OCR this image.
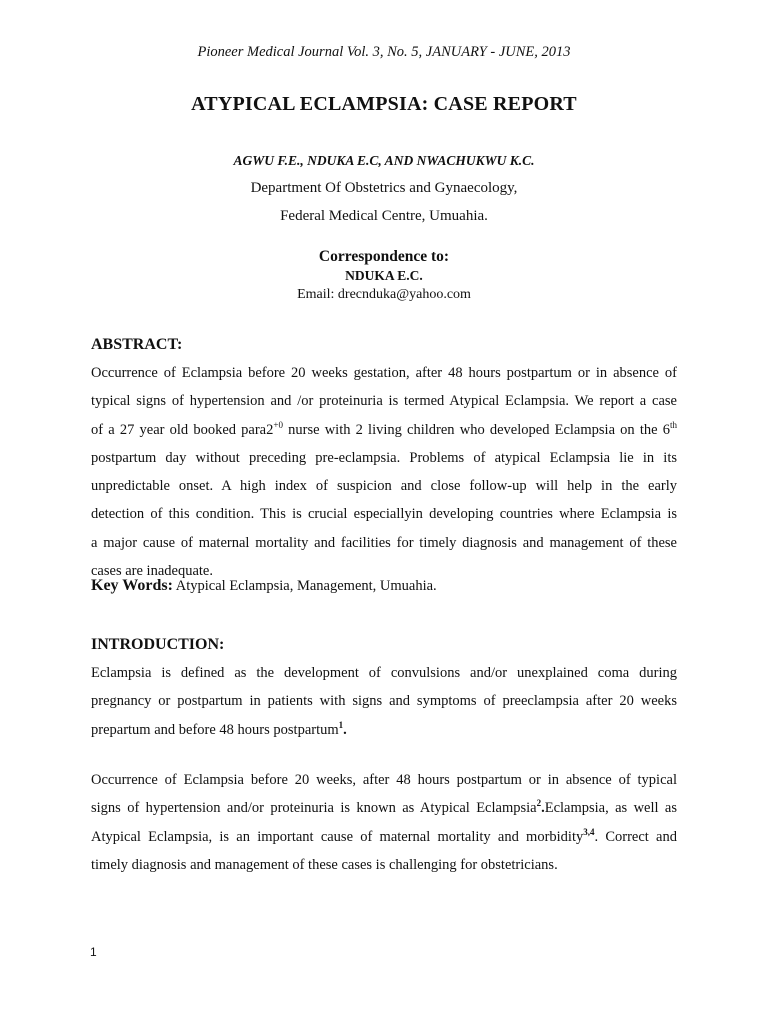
Pioneer Medical Journal Vol. 3, No. 5, JANUARY - JUNE, 2013
ATYPICAL ECLAMPSIA: CASE REPORT
AGWU F.E., NDUKA E.C, AND NWACHUKWU K.C.
Department Of Obstetrics and Gynaecology,
Federal Medical Centre, Umuahia.
Correspondence to:
NDUKA E.C.
Email: drecnduka@yahoo.com
ABSTRACT:
Occurrence of Eclampsia before 20 weeks gestation, after 48 hours postpartum or in absence of
typical signs of hypertension and /or proteinuria is termed Atypical Eclampsia. We report a case
of a 27 year old booked $para2^{+0}$ nurse with 2 living children who developed Eclampsia on the 6th
postpartum day without preceding pre-eclampsia. Problems of atypical Eclampsia lie in its
unpredictable onset. A high index of suspicion and close follow-up will help in the early
detection of this condition. This is crucial especiallyin developing countries where Eclampsia is
a major cause of maternal mortality and facilities for timely diagnosis and management of these
cases are inadequate.
Key Words: Atypical Eclampsia, Management, Umuahia.
INTRODUCTION:
Eclampsia is defined as the development of convulsions and/or unexplained coma during
pregnancy or postpartum in patients with signs and symptoms of preeclampsia after 20 weeks
prepartum and before 48 hours postpartum$^1$.
Occurrence of Eclampsia before 20 weeks, after 48 hours postpartum or in absence of typical
signs of hypertension and/or proteinuria is known as Atypical Eclampsia$^2$.Eclampsia, as well as
Atypical Eclampsia, is an important cause of maternal mortality and morbidity$^{3,4}$. Correct and
timely diagnosis and management of these cases is challenging for obstetricians.
1
